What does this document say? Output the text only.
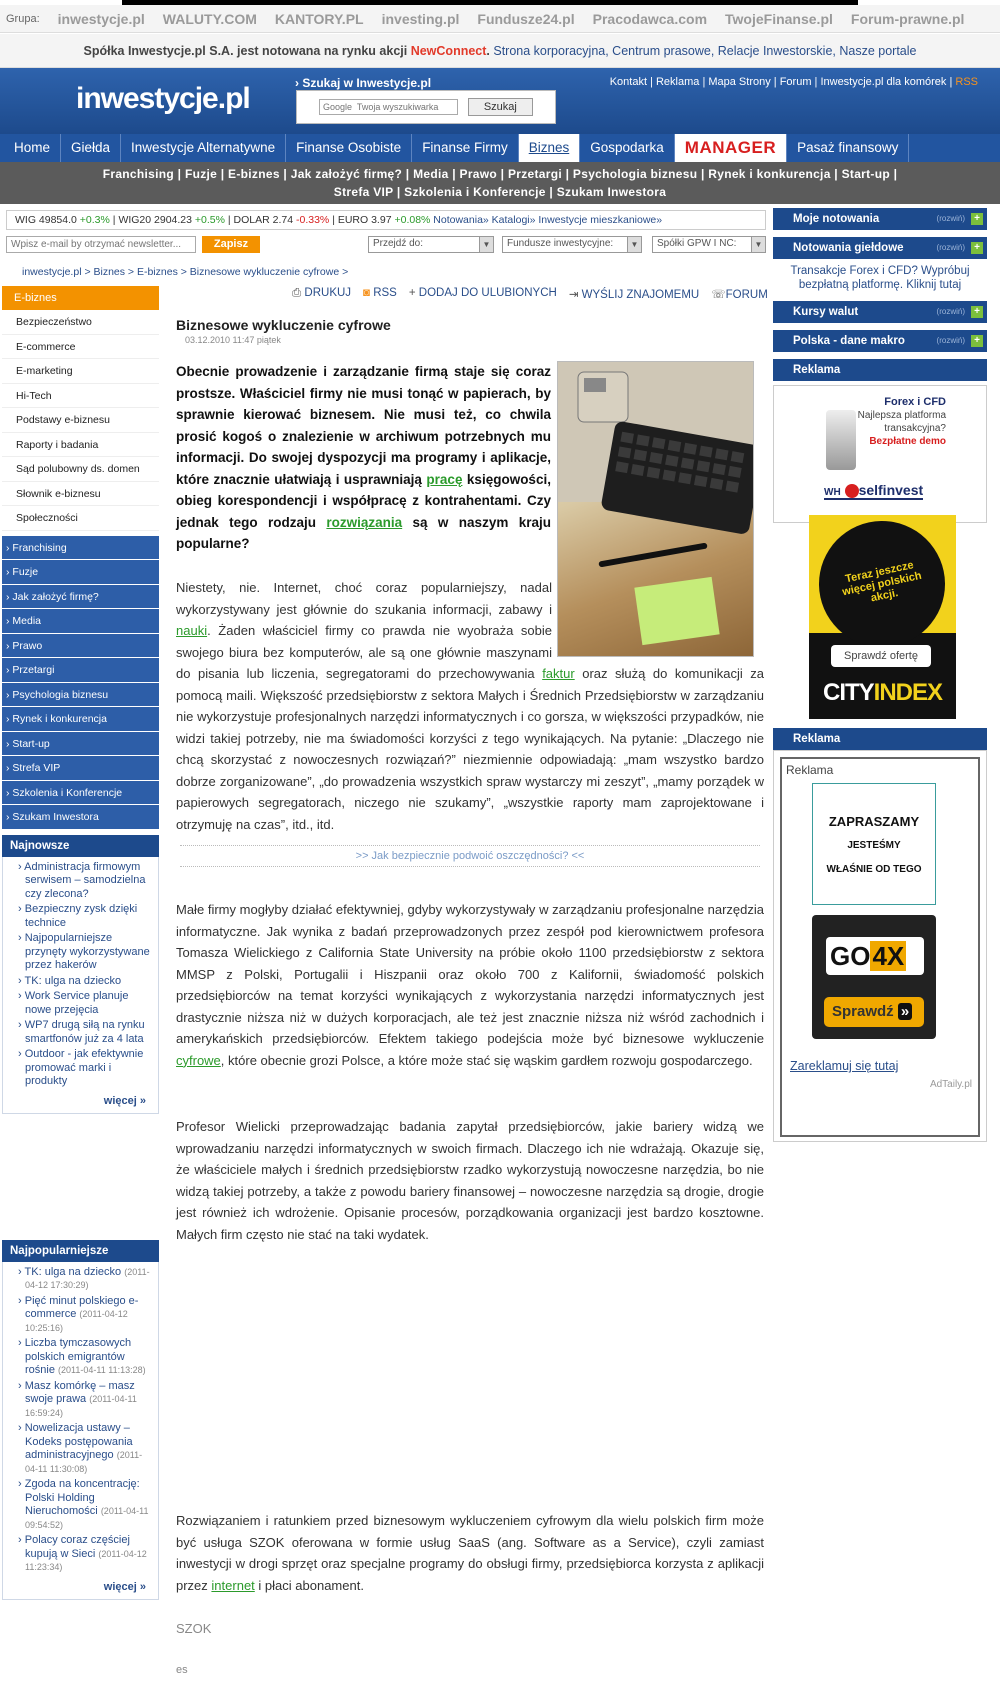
Grupa: inwestycje.pl WALUTY.COM KANTORY.PL investing.pl Fundusze24.pl Pracodawca.com TwojeFinanse.pl Forum-prawne.pl
Spółka Inwestycje.pl S.A. jest notowana na rynku akcji NewConnect. Strona korporacyjna, Centrum prasowe, Relacje Inwestorskie, Nasze portale
inwestycje.pl	› Szukaj w Inwestycje.pl
Google Twoja wyszukiwarka
Szukaj
Kontakt | Reklama | Mapa Strony | Forum | Inwestycje.pl dla komórek | RSS
Home	Giełda	Inwestycje Alternatywne	Finanse Osobiste	Finanse Firmy	Biznes	Gospodarka	MANAGER	Pasaż finansowy
Franchising | Fuzje | E-biznes | Jak założyć firmę? | Media | Prawo | Przetargi | Psychologia biznesu | Rynek i konkurencja | Start-up |
Strefa VIP | Szkolenia i Konferencje | Szukam Inwestora
WIG 49854.0 +0.3% | WIG20 2904.23 +0.5% | DOLAR 2.74 -0.33% | EURO 3.97 +0.08% Notowania» Katalogi» Inwestycje mieszkaniowe»
Wpisz e-mail by otrzymać newsletter...
Zapisz	Przejdź do:	▼	Fundusze inwestycyjne:	▼	Spółki GPW I NC:	▼
inwestycje.pl > Biznes > E-biznes > Biznesowe wykluczenie cyfrowe >
E-biznes
Bezpieczeństwo
E-commerce
E-marketing
Hi-Tech
Podstawy e-biznesu
Raporty i badania
Sąd polubowny ds. domen
Słownik e-biznesu
Społeczności
› Franchising
› Fuzje
› Jak założyć firmę?
› Media
› Prawo
› Przetargi
› Psychologia biznesu
› Rynek i konkurencja
› Start-up
› Strefa VIP
› Szkolenia i Konferencje
› Szukam Inwestora
Najnowsze
› Administracja firmowym serwisem – samodzielna czy zlecona?
› Bezpieczny zysk dzięki technice
› Najpopularniejsze przynęty wykorzystywane przez hakerów
› TK: ulga na dziecko
› Work Service planuje nowe przejęcia
› WP7 drugą siłą na rynku smartfonów już za 4 lata
› Outdoor - jak efektywnie promować marki i produkty
więcej »
Najpopularniejsze
› TK: ulga na dziecko (2011-04-12 17:30:29)
› Pięć minut polskiego e-commerce (2011-04-12 10:25:16)
› Liczba tymczasowych polskich emigrantów rośnie (2011-04-11 11:13:28)
› Masz komórkę – masz swoje prawa (2011-04-11 16:59:24)
› Nowelizacja ustawy – Kodeks postępowania administracyjnego (2011-04-11 11:30:08)
› Zgoda na koncentrację: Polski Holding Nieruchomości (2011-04-11 09:54:52)
› Polacy coraz częściej kupują w Sieci (2011-04-12 11:23:34)
więcej »
⎙ DRUKUJ ◙ RSS + DODAJ DO ULUBIONYCH ⇥ WYŚLIJ ZNAJOMEMU ☏FORUM
Biznesowe wykluczenie cyfrowe
03.12.2010 11:47 piątek
Obecnie prowadzenie i zarządzanie firmą staje się coraz prostsze. Właściciel firmy nie musi tonąć w papierach, by sprawnie kierować biznesem. Nie musi też, co chwila prosić kogoś o znalezienie w archiwum potrzebnych mu informacji. Do swojej dyspozycji ma programy i aplikacje, które znacznie ułatwiają i usprawniają pracę księgowości, obieg korespondencji i współpracę z kontrahentami. Czy jednak tego rodzaju rozwiązania są w naszym kraju popularne?
Niestety, nie. Internet, choć coraz popularniejszy, nadal wykorzystywany jest głównie do szukania informacji, zabawy i nauki. Żaden właściciel firmy co prawda nie wyobraża sobie swojego biura bez komputerów, ale są one głównie maszynami do pisania lub liczenia, segregatorami do przechowywania faktur oraz służą do komunikacji za pomocą maili. Większość przedsiębiorstw z sektora Małych i Średnich Przedsiębiorstw w zarządzaniu nie wykorzystuje profesjonalnych narzędzi informatycznych i co gorsza, w większości przypadków, nie widzi takiej potrzeby, nie ma świadomości korzyści z tego wynikających. Na pytanie: „Dlaczego nie chcą skorzystać z nowoczesnych rozwiązań?” niezmiennie odpowiadają: „mam wszystko bardzo dobrze zorganizowane”, „do prowadzenia wszystkich spraw wystarczy mi zeszyt”, „mamy porządek w papierowych segregatorach, niczego nie szukamy”, „wszystkie raporty mam zaprojektowane i otrzymuję na czas”, itd., itd.
>> Jak bezpiecznie podwoić oszczędności? <<
Małe firmy mogłyby działać efektywniej, gdyby wykorzystywały w zarządzaniu profesjonalne narzędzia informatyczne. Jak wynika z badań przeprowadzonych przez zespół pod kierownictwem profesora Tomasza Wielickiego z California State University na próbie około 1100 przedsiębiorstw z sektora MMSP z Polski, Portugalii i Hiszpanii oraz około 700 z Kalifornii, świadomość polskich przedsiębiorców na temat korzyści wynikających z wykorzystania narzędzi informatycznych jest drastycznie niższa niż w dużych korporacjach, ale też jest znacznie niższa niż wśród zachodnich i amerykańskich przedsiębiorców. Efektem takiego podejścia może być biznesowe wykluczenie cyfrowe, które obecnie grozi Polsce, a które może stać się wąskim gardłem rozwoju gospodarczego.
Profesor Wielicki przeprowadzając badania zapytał przedsiębiorców, jakie bariery widzą we wprowadzaniu narzędzi informatycznych w swoich firmach. Dlaczego ich nie wdrażają. Okazuje się, że właściciele małych i średnich przedsiębiorstw rzadko wykorzystują nowoczesne narzędzia, bo nie widzą takiej potrzeby, a także z powodu bariery finansowej – nowoczesne narzędzia są drogie, drogie jest również ich wdrożenie. Opisanie procesów, porządkowania organizacji jest bardzo kosztowne. Małych firm często nie stać na taki wydatek.
Rozwiązaniem i ratunkiem przed biznesowym wykluczeniem cyfrowym dla wielu polskich firm może być usługa SZOK oferowana w formie usług SaaS (ang. Software as a Service), czyli zamiast inwestycji w drogi sprzęt oraz specjalne programy do obsługi firmy, przedsiębiorca korzysta z aplikacji przez internet i płaci abonament.
SZOK
es
Moje notowania	(rozwiń) +
Notowania giełdowe	(rozwiń) +
Transakcje Forex i CFD? Wypróbuj bezpłatną platformę. Kliknij tutaj
Kursy walut	(rozwiń) +
Polska - dane makro	(rozwiń) +
Reklama
Forex i CFD
Najlepsza platforma transakcyjna?
Bezpłatne demo
WH selfinvest
Teraz jeszcze więcej polskich akcji.
Sprawdź ofertę
CITYINDEX
Reklama
Reklama
ZAPRASZAMY
JESTEŚMY
WŁAŚNIE OD TEGO
GO4X
Sprawdź »
Zareklamuj się tutaj
AdTaily.pl
